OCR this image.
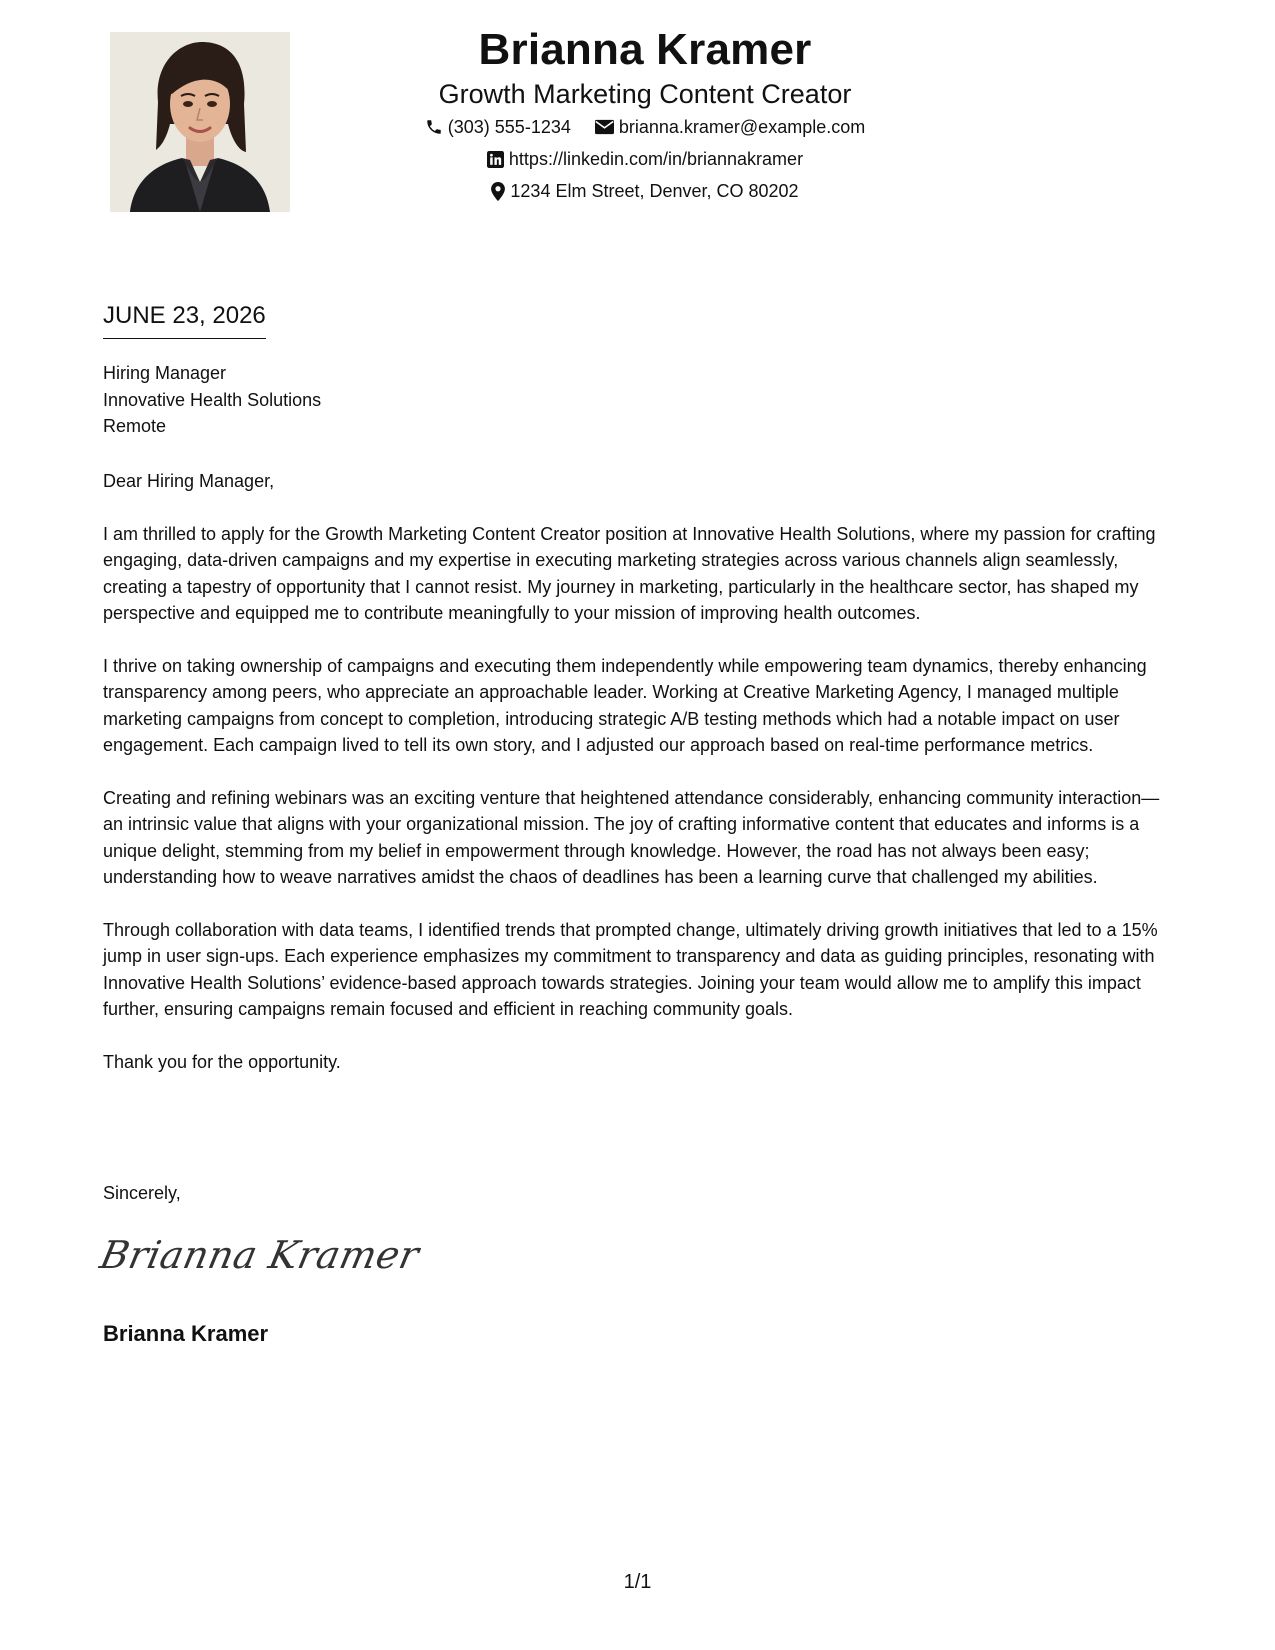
Brianna Kramer
Growth Marketing Content Creator
(303) 555-1234	brianna.kramer@example.com
https://linkedin.com/in/briannakramer
1234 Elm Street, Denver, CO 80202
JUNE 23, 2026
Hiring Manager
Innovative Health Solutions
Remote

Dear Hiring Manager,

I am thrilled to apply for the Growth Marketing Content Creator position at Innovative Health Solutions, where my passion for crafting engaging, data-driven campaigns and my expertise in executing marketing strategies across various channels align seamlessly, creating a tapestry of opportunity that I cannot resist. My journey in marketing, particularly in the healthcare sector, has shaped my perspective and equipped me to contribute meaningfully to your mission of improving health outcomes.

I thrive on taking ownership of campaigns and executing them independently while empowering team dynamics, thereby enhancing transparency among peers, who appreciate an approachable leader. Working at Creative Marketing Agency, I managed multiple marketing campaigns from concept to completion, introducing strategic A/B testing methods which had a notable impact on user engagement. Each campaign lived to tell its own story, and I adjusted our approach based on real-time performance metrics.

Creating and refining webinars was an exciting venture that heightened attendance considerably, enhancing community interaction—an intrinsic value that aligns with your organizational mission. The joy of crafting informative content that educates and informs is a unique delight, stemming from my belief in empowerment through knowledge. However, the road has not always been easy; understanding how to weave narratives amidst the chaos of deadlines has been a learning curve that challenged my abilities.

Through collaboration with data teams, I identified trends that prompted change, ultimately driving growth initiatives that led to a 15% jump in user sign-ups. Each experience emphasizes my commitment to transparency and data as guiding principles, resonating with Innovative Health Solutions’ evidence-based approach towards strategies. Joining your team would allow me to amplify this impact further, ensuring campaigns remain focused and efficient in reaching community goals.

Thank you for the opportunity.

Sincerely,
Brianna Kramer
Brianna Kramer
1/1
